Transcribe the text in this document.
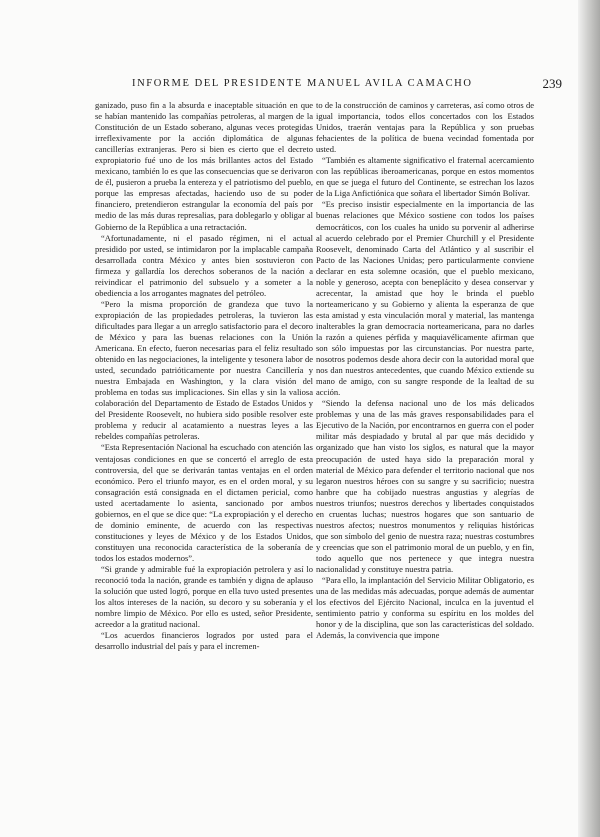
INFORME DEL PRESIDENTE MANUEL AVILA CAMACHO	239

ganizado, puso fin a la absurda e inaceptable situación en que se habían mantenido las compañías petroleras, al margen de la Constitución de un Estado soberano, algunas veces protegidas irreflexivamente por la acción diplomática de algunas cancillerías extranjeras. Pero si bien es cierto que el decreto expropiatorio fué uno de los más brillantes actos del Estado mexicano, también lo es que las consecuencias que se derivaron de él, pusieron a prueba la entereza y el patriotismo del pueblo, porque las empresas afectadas, haciendo uso de su poder financiero, pretendieron estrangular la economía del país por medio de las más duras represalias, para doblegarlo y obligar al Gobierno de la República a una retractación.

“Afortunadamente, ni el pasado régimen, ni el actual presidido por usted, se intimidaron por la implacable campaña desarrollada contra México y antes bien sostuvieron con firmeza y gallardía los derechos soberanos de la nación a reivindicar el patrimonio del subsuelo y a someter a la obediencia a los arrogantes magnates del petróleo.

“Pero la misma proporción de grandeza que tuvo la expropiación de las propiedades petroleras, la tuvieron las dificultades para llegar a un arreglo satisfactorio para el decoro de México y para las buenas relaciones con la Unión Americana. En efecto, fueron necesarias para el feliz resultado obtenido en las negociaciones, la inteligente y tesonera labor de usted, secundado patrióticamente por nuestra Cancillería y nuestra Embajada en Washington, y la clara visión del problema en todas sus implicaciones. Sin ellas y sin la valiosa colaboración del Departamento de Estado de Estados Unidos y del Presidente Roosevelt, no hubiera sido posible resolver este problema y reducir al acatamiento a nuestras leyes a las rebeldes compañías petroleras.

“Esta Representación Nacional ha escuchado con atención las ventajosas condiciones en que se concertó el arreglo de esta controversia, del que se derivarán tantas ventajas en el orden económico. Pero el triunfo mayor, es en el orden moral, y su consagración está consignada en el dictamen pericial, como usted acertadamente lo asienta, sancionado por ambos gobiernos, en el que se dice que: “La expropiación y el derecho de dominio eminente, de acuerdo con las respectivas constituciones y leyes de México y de los Estados Unidos, constituyen una reconocida característica de la soberanía de todos los estados modernos”.

“Si grande y admirable fué la expropiación petrolera y así lo reconoció toda la nación, grande es también y digna de aplauso la solución que usted logró, porque en ella tuvo usted presentes los altos intereses de la nación, su decoro y su soberanía y el nombre limpio de México. Por ello es usted, señor Presidente, acreedor a la gratitud nacional.

“Los acuerdos financieros logrados por usted para el desarrollo industrial del país y para el incremen-

to de la construcción de caminos y carreteras, así como otros de igual importancia, todos ellos concertados con los Estados Unidos, traerán ventajas para la República y son pruebas fehacientes de la política de buena vecindad fomentada por usted.

“También es altamente significativo el fraternal acercamiento con las repúblicas iberoamericanas, porque en estos momentos en que se juega el futuro del Continente, se estrechan los lazos de la Liga Anfictiónica que soñara el libertador Simón Bolívar.

“Es preciso insistir especialmente en la importancia de las buenas relaciones que México sostiene con todos los países democráticos, con los cuales ha unido su porvenir al adherirse al acuerdo celebrado por el Premier Churchill y el Presidente Roosevelt, denominado Carta del Atlántico y al suscribir el Pacto de las Naciones Unidas; pero particularmente conviene declarar en esta solemne ocasión, que el pueblo mexicano, noble y generoso, acepta con beneplácito y desea conservar y acrecentar, la amistad que hoy le brinda el pueblo norteamericano y su Gobierno y alienta la esperanza de que esta amistad y esta vinculación moral y material, las mantenga inalterables la gran democracia norteamericana, para no darles la razón a quienes pérfida y maquiavélicamente afirman que son sólo impuestas por las circunstancias. Por nuestra parte, nosotros podemos desde ahora decir con la autoridad moral que nos dan nuestros antecedentes, que cuando México extiende su mano de amigo, con su sangre responde de la lealtad de su acción.

“Siendo la defensa nacional uno de los más delicados problemas y una de las más graves responsabilidades para el Ejecutivo de la Nación, por encontrarnos en guerra con el poder militar más despiadado y brutal al par que más decidido y organizado que han visto los siglos, es natural que la mayor preocupación de usted haya sido la preparación moral y material de México para defender el territorio nacional que nos legaron nuestros héroes con su sangre y su sacrificio; nuestra hanbre que ha cobijado nuestras angustias y alegrías de nuestros triunfos; nuestros derechos y libertades conquistados en cruentas luchas; nuestros hogares que son santuario de nuestros afectos; nuestros monumentos y reliquias históricas que son símbolo del genio de nuestra raza; nuestras costumbres y creencias que son el patrimonio moral de un pueblo, y en fin, todo aquello que nos pertenece y que integra nuestra nacionalidad y constituye nuestra patria.

“Para ello, la implantación del Servicio Militar Obligatorio, es una de las medidas más adecuadas, porque además de aumentar los efectivos del Ejército Nacional, inculca en la juventud el sentimiento patrio y conforma su espíritu en los moldes del honor y de la disciplina, que son las características del soldado. Además, la convivencia que impone
